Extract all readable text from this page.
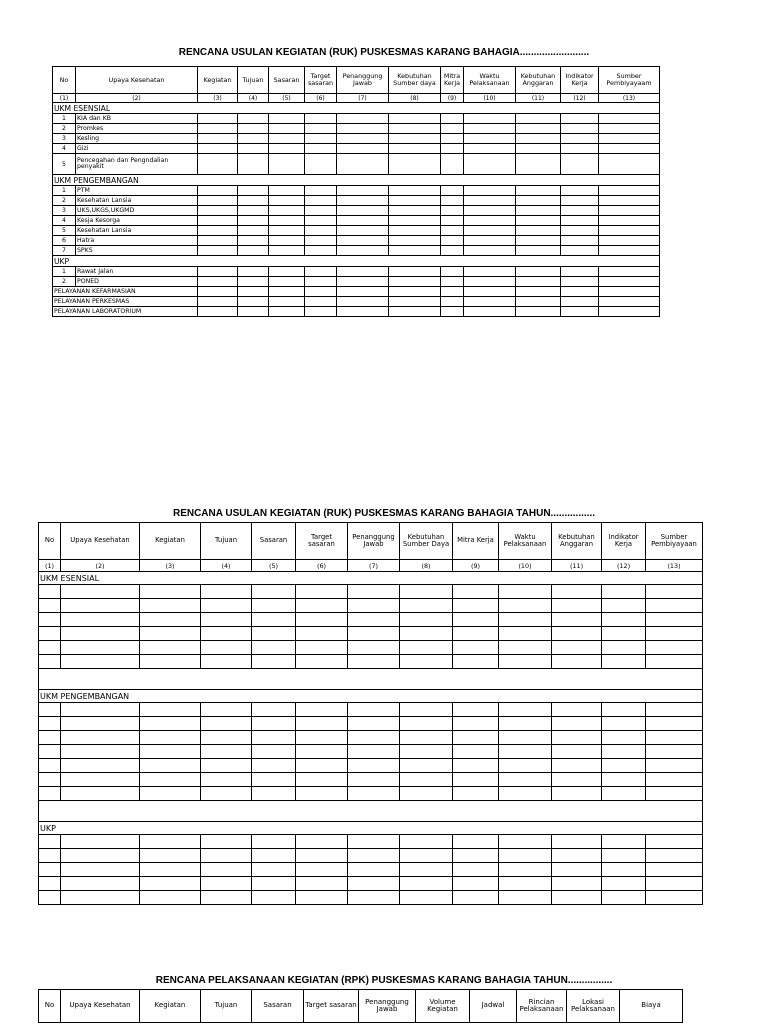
RENCANA USULAN KEGIATAN (RUK) PUSKESMAS KARANG BAHAGIA.........................
No	Upaya Kesehatan	Kegiatan	Tujuan	Sasaran	Target sasaran	Penanggung Jawab	Kebutuhan Sumber daya	Mitra Kerja	Waktu Pelaksanaan	Kebutuhan Anggaran	Indikator Kerja	Sumber Pembiyayaam
(1)	(2)	(3)	(4)	(5)	(6)	(7)	(8)	(9)	(10)	(11)	(12)	(13)
UKM ESENSIAL												
1	KIA dan KB											
2	Promkes											
3	Kesling											
4	Gizi											
5	Pencegahan dan Pengndalian penyakit											
UKM PENGEMBANGAN												
1	PTM											
2	Kesehatan Lansia											
3	UKS,UKGS,UKGMD											
4	Kesja Kesorga											
5	Kesehatan Lansia											
6	Hatra											
7	SPKS											
UKP												
1	Rawat Jalan											
2	PONED											
PELAYANAN KEFARMASIAN												
PELAYANAN PERKESMAS												
PELAYANAN LABORATORIUM												
RENCANA USULAN KEGIATAN (RUK) PUSKESMAS KARANG BAHAGIA TAHUN................
No	Upaya Kesehatan	Kegiatan	Tujuan	Sasaran	Target sasaran	Penanggung Jawab	Kebutuhan Sumber Daya	Mitra Kerja	Waktu Pelaksanaan	Kebutuhan Anggaran	Indikator Kerja	Sumber Pembiyayaan
(1)	(2)	(3)	(4)	(5)	(6)	(7)	(8)	(9)	(10)	(11)	(12)	(13)
UKM ESENSIAL												

UKM PENGEMBANGAN												

UKP												

RENCANA PELAKSANAAN KEGIATAN (RPK) PUSKESMAS KARANG BAHAGIA TAHUN................
No	Upaya Kesehatan	Kegiatan	Tujuan	Sasaran	Target sasaran	Penanggung Jawab	Volume Kegiatan	Jadwal	Rincian Pelaksanaan	Lokasi Pelaksanaan	Biaya
